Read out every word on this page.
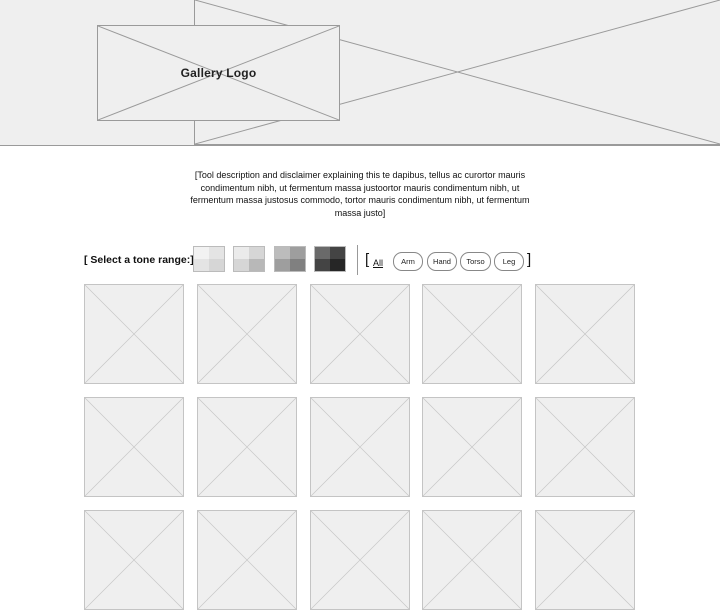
Gallery Logo
[Tool description and disclaimer explaining this te dapibus, tellus ac curortor mauris condimentum nibh, ut fermentum massa justoortor mauris condimentum nibh, ut fermentum massa justosus commodo, tortor mauris condimentum nibh, ut fermentum massa justo]
[ Select a tone range:]	[ All	Arm	Hand	Torso	Leg ]
